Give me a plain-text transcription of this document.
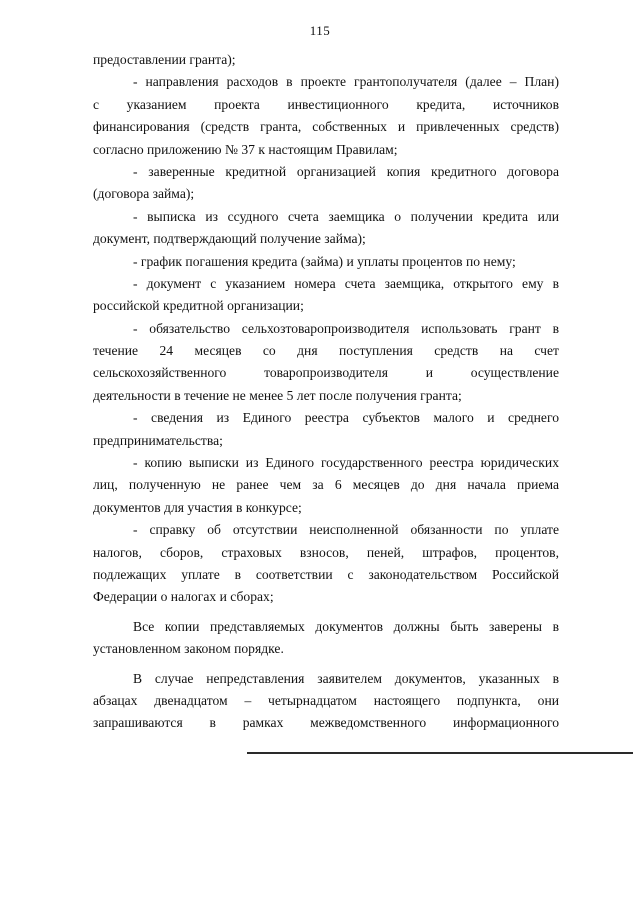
115
предоставлении гранта);
- направления расходов в проекте грантополучателя (далее – План)
с указанием проекта инвестиционного кредита, источников
финансирования (средств гранта, собственных и привлеченных средств)
согласно приложению № 37 к настоящим Правилам;
- заверенные кредитной организацией копия кредитного договора
(договора займа);
- выписка из ссудного счета заемщика о получении кредита или
документ, подтверждающий получение займа);
- график погашения кредита (займа) и уплаты процентов по нему;
- документ с указанием номера счета заемщика, открытого ему в
российской кредитной организации;
- обязательство сельхозтоваропроизводителя использовать грант в
течение 24 месяцев со дня поступления средств на счет
сельскохозяйственного товаропроизводителя и осуществление
деятельности в течение не менее 5 лет после получения гранта;
- сведения из Единого реестра субъектов малого и среднего
предпринимательства;
- копию выписки из Единого государственного реестра юридических
лиц, полученную не ранее чем за 6 месяцев до дня начала приема
документов для участия в конкурсе;
- справку об отсутствии неисполненной обязанности по уплате
налогов, сборов, страховых взносов, пеней, штрафов, процентов,
подлежащих уплате в соответствии с законодательством Российской
Федерации о налогах и сборах;
Все копии представляемых документов должны быть заверены в
установленном законом порядке.
В случае непредставления заявителем документов, указанных в
абзацах двенадцатом – четырнадцатом настоящего подпункта, они
запрашиваются в рамках межведомственного информационного
